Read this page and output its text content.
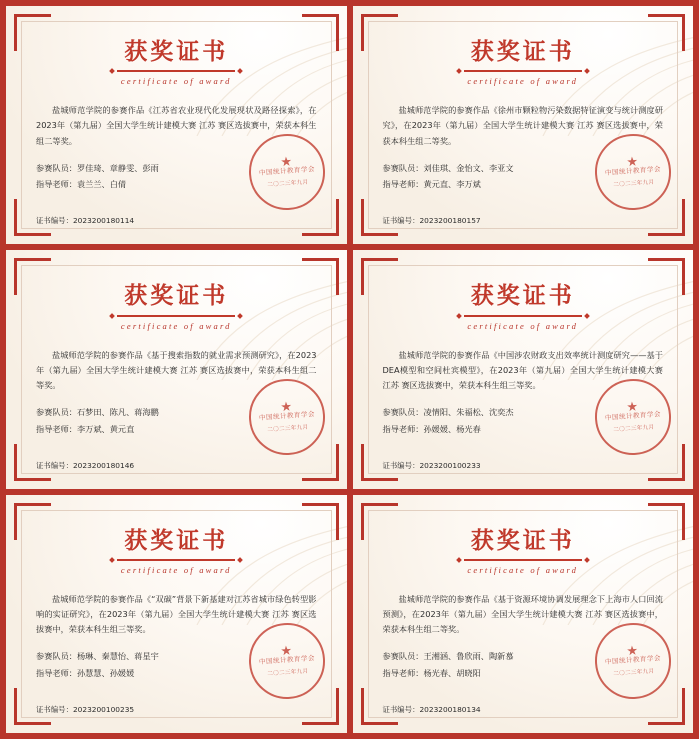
获奖证书
certificate of award
盐城师范学院的参赛作品《江苏省农业现代化发展现状及路径探索》，在2023年（第九届）全国大学生统计建模大赛 江苏 赛区选拔赛中，荣获本科生组二等奖。
参赛队员：罗佳琦、章静雯、彭雨
指导老师：袁兰兰、白倩
证书编号：2023200180114
★
中国统计教育学会
二〇二三年九月
获奖证书
certificate of award
盐城师范学院的参赛作品《徐州市颗粒物污染数据特征演变与统计测度研究》，在2023年（第九届）全国大学生统计建模大赛 江苏 赛区选拔赛中，荣获本科生组二等奖。
参赛队员：刘佳琪、金怡文、李亚文
指导老师：黄元直、李万斌
证书编号：2023200180157
★
中国统计教育学会
二〇二三年九月
获奖证书
certificate of award
盐城师范学院的参赛作品《基于搜索指数的就业需求预测研究》，在2023年（第九届）全国大学生统计建模大赛 江苏 赛区选拔赛中，荣获本科生组二等奖。
参赛队员：石梦田、陈凡、蒋海鹏
指导老师：李万斌、黄元直
证书编号：2023200180146
★
中国统计教育学会
二〇二三年九月
获奖证书
certificate of award
盐城师范学院的参赛作品《中国涉农财政支出效率统计测度研究——基于DEA模型和空间杜宾模型》，在2023年（第九届）全国大学生统计建模大赛 江苏 赛区选拔赛中，荣获本科生组三等奖。
参赛队员：凌情阳、朱福松、沈奕杰
指导老师：孙媛媛、杨光春
证书编号：2023200100233
★
中国统计教育学会
二〇二三年九月
获奖证书
certificate of award
盐城师范学院的参赛作品《“双碳”背景下新基建对江苏省城市绿色转型影响的实证研究》，在2023年（第九届）全国大学生统计建模大赛 江苏 赛区选拔赛中，荣获本科生组三等奖。
参赛队员：杨琳、秦慧怡、蒋星宇
指导老师：孙慧慧、孙媛媛
证书编号：2023200100235
★
中国统计教育学会
二〇二三年九月
获奖证书
certificate of award
盐城师范学院的参赛作品《基于资源环境协调发展理念下上海市人口回流预测》，在2023年（第九届）全国大学生统计建模大赛 江苏 赛区选拔赛中，荣获本科生组二等奖。
参赛队员：王湘涵、鲁欣雨、陶新慕
指导老师：杨光春、胡晓阳
证书编号：2023200180134
★
中国统计教育学会
二〇二三年九月
